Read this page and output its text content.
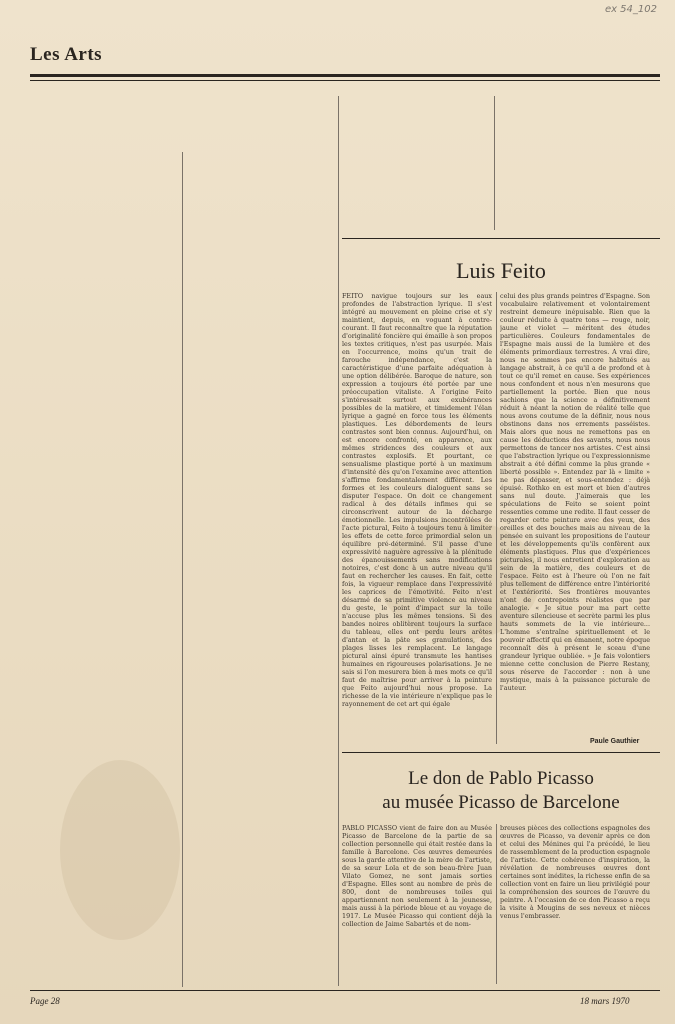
ex 54_102
Les Arts

Luis Feito

FEITO navigue toujours sur les eaux profondes de l'abstraction lyrique. Il s'est intégré au mouvement en pleine crise et s'y maintient, depuis, en voguant à contre-courant. Il faut reconnaître que la réputation d'originalité foncière qui émaille à son propos les textes critiques, n'est pas usurpée. Mais en l'occurrence, moins qu'un trait de farouche indépendance, c'est la caractéristique d'une parfaite adéquation à une option délibérée. Baroque de nature, son expression a toujours été portée par une préoccupation vitaliste. A l'origine Feito s'intéressait surtout aux exubérances possibles de la matière, et timidement l'élan lyrique a gagné en force tous les éléments plastiques. Les débordements de leurs contrastes sont bien connus. Aujourd'hui, on est encore confronté, en apparence, aux mêmes stridences des couleurs et aux contrastes explosifs. Et pourtant, ce sensualisme plastique porté à un maximum d'intensité dès qu'on l'examine avec attention s'affirme fondamentalement différent. Les formes et les couleurs dialoguent sans se disputer l'espace. On doit ce changement radical à des détails infimes qui se circonscrivent autour de la décharge émotionnelle. Les impulsions incontrôlées de l'acte pictural, Feito à toujours tenu à limiter les effets de cette force primordial selon un équilibre pré-déterminé. S'il passe d'une expressivité naguère agressive à la plénitude des épanouissements sans modifications notoires, c'est donc à un autre niveau qu'il faut en rechercher les causes. En fait, cette fois, la vigueur remplace dans l'expressivité les caprices de l'émotivité. Feito n'est désarmé de sa primitive violence au niveau du geste, le point d'impact sur la toile n'accuse plus les mêmes tensions. Si des bandes noires oblitèrent toujours la surface du tableau, elles ont perdu leurs arêtes d'antan et la pâte ses granulations, des plages lisses les remplacent. Le langage pictural ainsi épuré transmute les hantises humaines en rigoureuses polarisations. Je ne sais si l'on mesurera bien à mes mots ce qu'il faut de maîtrise pour arriver à la peinture que Feito aujourd'hui nous propose. La richesse de la vie intérieure n'explique pas le rayonnement de cet art qui égale

celui des plus grands peintres d'Espagne. Son vocabulaire relativement et volontairement restreint demeure inépuisable. Rien que la couleur réduite à quatre tons — rouge, noir, jaune et violet — méritent des études particulières. Couleurs fondamentales de l'Espagne mais aussi de la lumière et des éléments primordiaux terrestres. A vrai dire, nous ne sommes pas encore habitués au langage abstrait, à ce qu'il a de profond et à tout ce qu'il remet en cause. Ses expériences nous confondent et nous n'en mesurons que partiellement la portée. Bien que nous sachions que la science a définitivement réduit à néant la notion de réalité telle que nous avons coutume de la définir, nous nous obstinons dans nos errements passéistes. Mais alors que nous ne remettons pas en cause les déductions des savants, nous nous permettons de tancer nos artistes. C'est ainsi que l'abstraction lyrique ou l'expressionnisme abstrait a été défini comme la plus grande « liberté possible ». Entendez par là « limite » ne pas dépasser, et sous-entendez : déjà épuisé. Rothko en est mort et bien d'autres sans nul doute. J'aimerais que les spéculations de Feito se soient point ressenties comme une redite. Il faut cesser de regarder cette peinture avec des yeux, des oreilles et des bouches mais au niveau de la pensée en suivant les propositions de l'auteur et les développements qu'ils confèrent aux éléments plastiques. Plus que d'expériences picturales, il nous entretient d'exploration au sein de la matière, des couleurs et de l'espace. Feito est à l'heure où l'on ne fait plus tellement de différence entre l'intériorité et l'extériorité. Ses frontières mouvantes n'ont de contrepoints réalistes que par analogie. « Je situe pour ma part cette aventure silencieuse et secrète parmi les plus hauts sommets de la vie intérieure... L'homme s'entraîne spirituellement et le pouvoir affectif qui en émanent, notre époque reconnaît dès à présent le sceau d'une grandeur lyrique oubliée. » Je fais volontiers mienne cette conclusion de Pierre Restany, sous réserve de l'accorder : non à une mystique, mais à la puissance picturale de l'auteur.

Paule Gauthier
Le don de Pablo Picasso
au musée Picasso de Barcelone

PABLO PICASSO vient de faire don au Musée Picasso de Barcelone de la partie de sa collection personnelle qui était restée dans la famille à Barcelone. Ces œuvres demeurées sous la garde attentive de la mère de l'artiste, de sa sœur Lola et de son beau-frère Juan Vilato Gomez, ne sont jamais sorties d'Espagne. Elles sont au nombre de près de 800, dont de nombreuses toiles qui appartiennent non seulement à la jeunesse, mais aussi à la période bleue et au voyage de 1917. Le Musée Picasso qui contient déjà la collection de Jaime Sabartés et de nom-

breuses pièces des collections espagnoles des œuvres de Picasso, va devenir après ce don et celui des Ménines qui l'a précédé, le lieu de rassemblement de la production espagnole de l'artiste. Cette cohérence d'inspiration, la révélation de nombreuses œuvres dont certaines sont inédites, la richesse enfin de sa collection vont en faire un lieu privilégié pour la compréhension des sources de l'œuvre du peintre. A l'occasion de ce don Picasso a reçu la visite à Mougins de ses neveux et nièces venus l'embrasser.

Page 28	18 mars 1970
